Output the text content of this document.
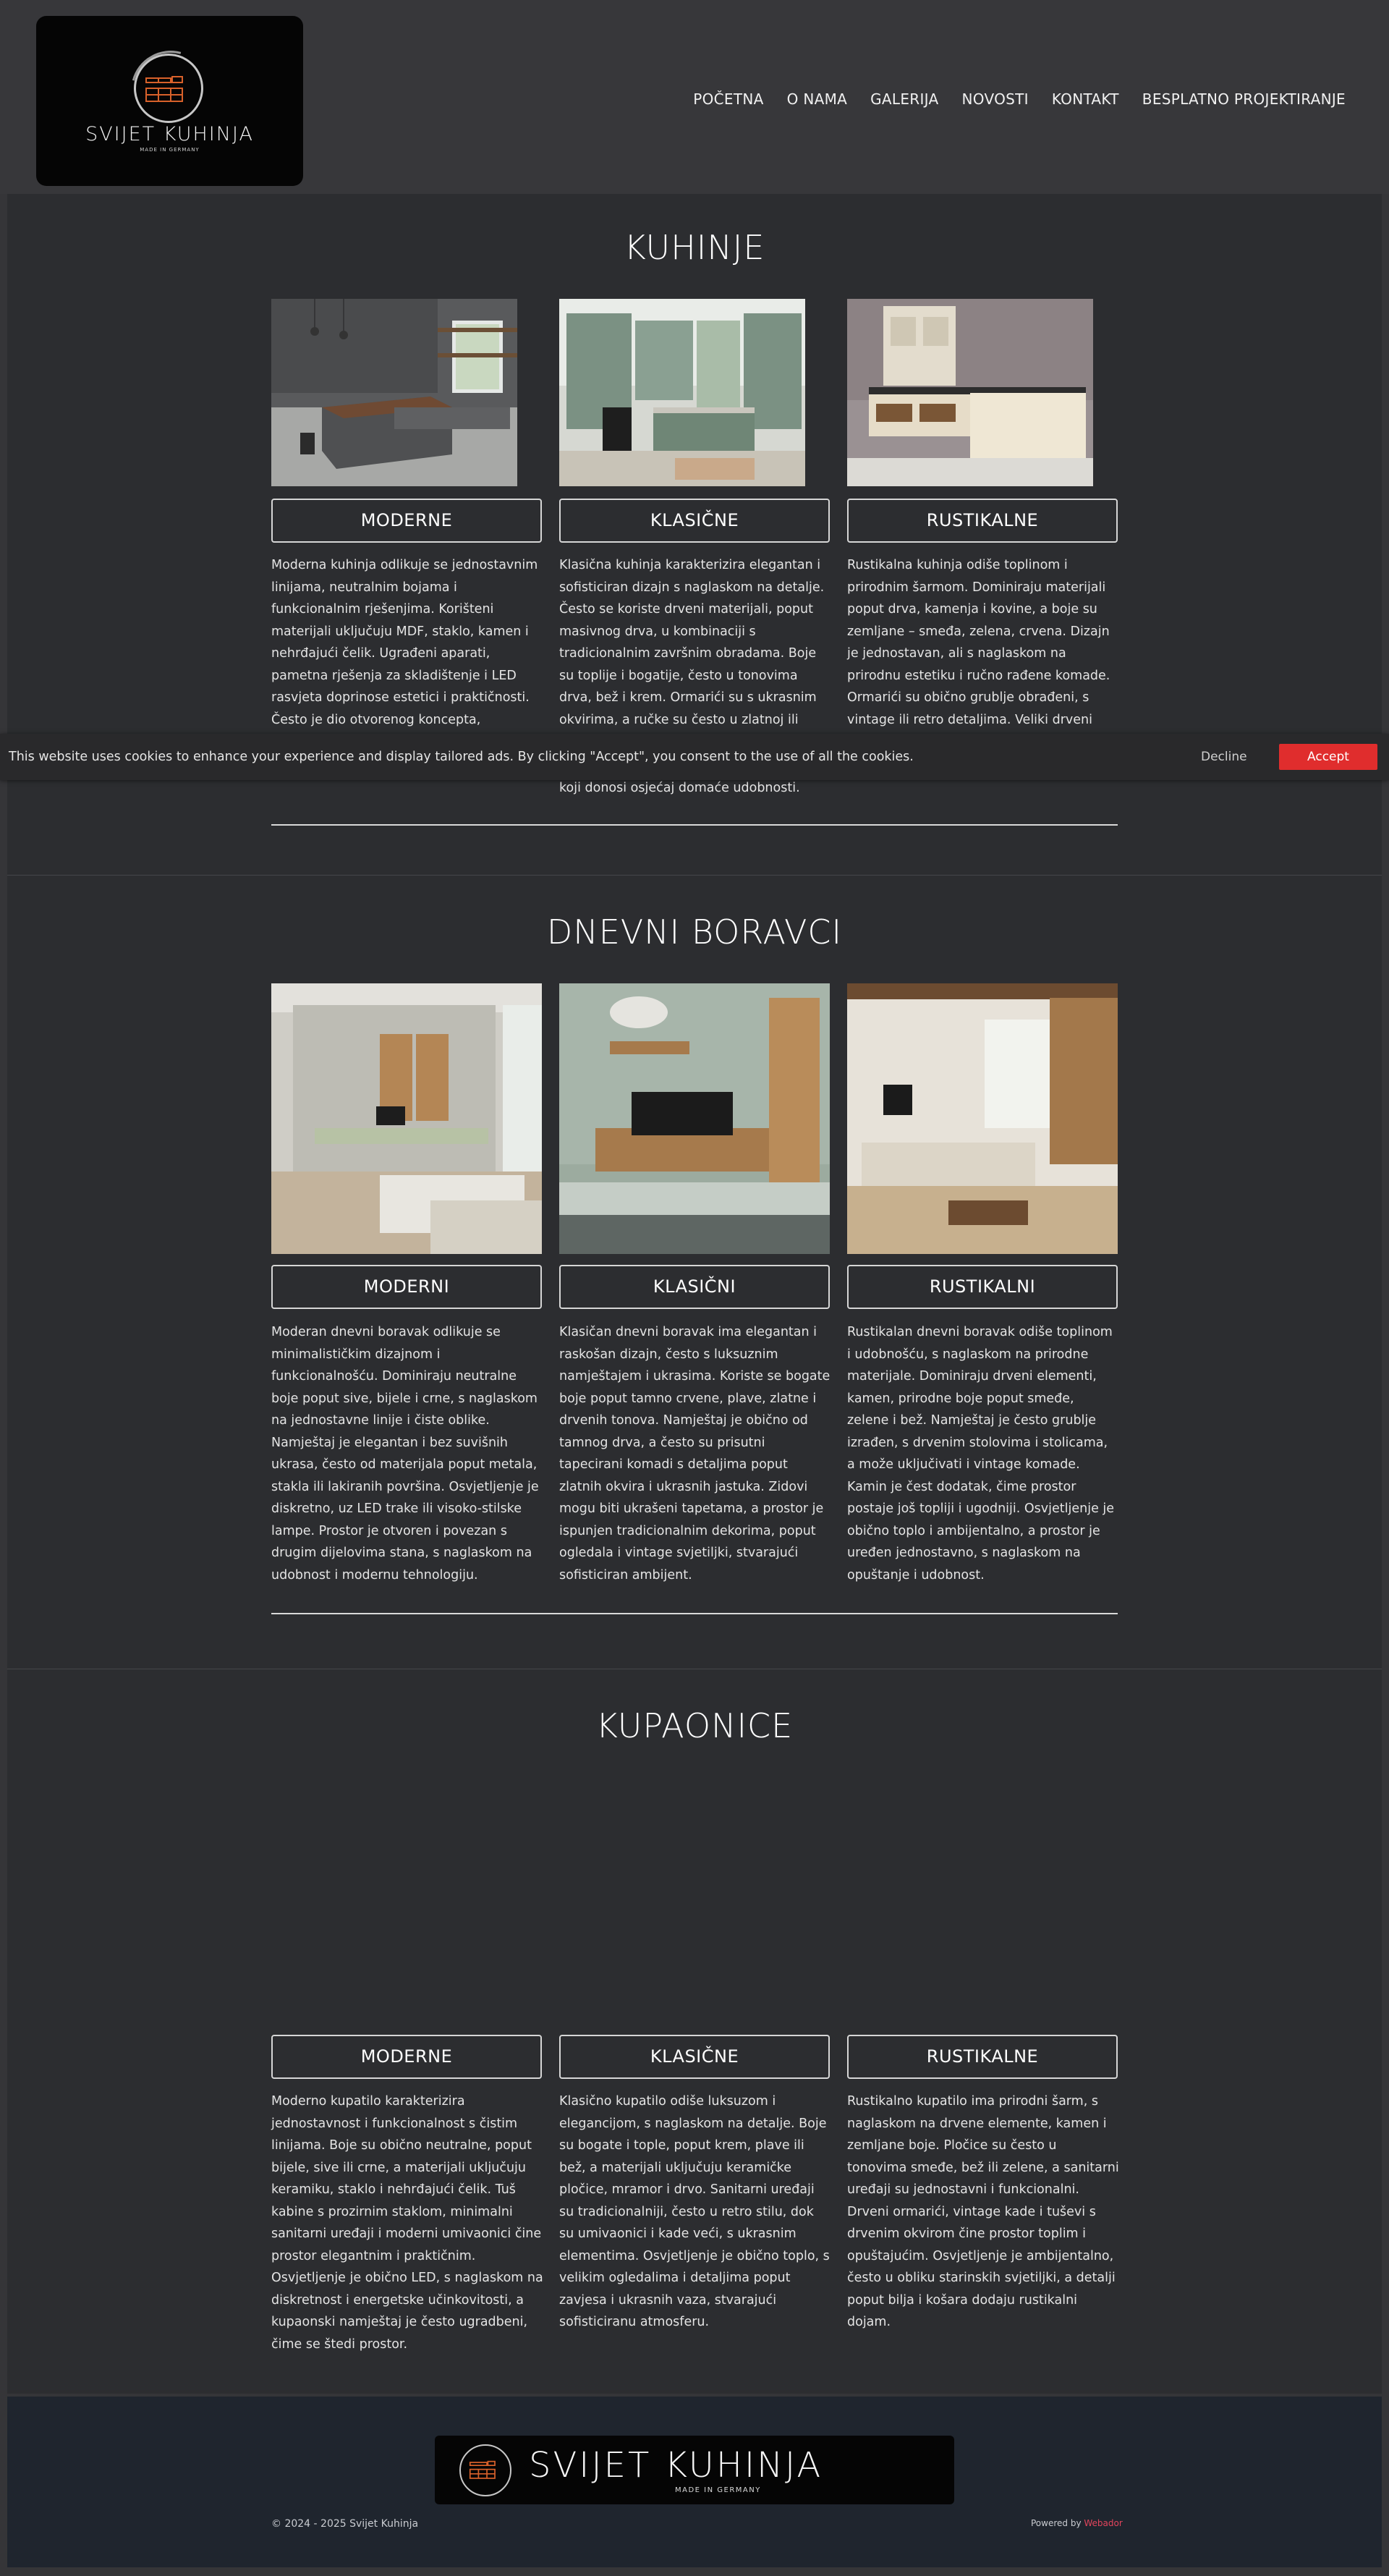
SVIJET KUHINJA
MADE IN GERMANY
POČETNA O NAMA GALERIJA NOVOSTI KONTAKT BESPLATNO PROJEKTIRANJE
KUHINJE
MODERNE	KLASIČNE	RUSTIKALNE
Moderna kuhinja odlikuje se jednostavnim linijama, neutralnim bojama i funkcionalnim rješenjima. Korišteni materijali uključuju MDF, staklo, kamen i nehrđajući čelik. Ugrađeni aparati, pametna rješenja za skladištenje i LED rasvjeta doprinose estetici i praktičnosti. Često je dio otvorenog koncepta,
Klasična kuhinja karakterizira elegantan i sofisticiran dizajn s naglaskom na detalje. Često se koriste drveni materijali, poput masivnog drva, u kombinaciji s tradicionalnim završnim obradama. Boje su toplije i bogatije, često u tonovima drva, bež i krem. Ormarići su s ukrasnim okvirima, a ručke su često u zlatnoj ili
Rustikalna kuhinja odiše toplinom i prirodnim šarmom. Dominiraju materijali poput drva, kamenja i kovine, a boje su zemljane – smeđa, zelena, crvena. Dizajn je jednostavan, ali s naglaskom na prirodnu estetiku i ručno rađene komade. Ormarići su obično grublje obrađeni, s vintage ili retro detaljima. Veliki drveni
koji donosi osjećaj domaće udobnosti.
DNEVNI BORAVCI
MODERNI	KLASIČNI	RUSTIKALNI
Moderan dnevni boravak odlikuje se minimalističkim dizajnom i funkcionalnošću. Dominiraju neutralne boje poput sive, bijele i crne, s naglaskom na jednostavne linije i čiste oblike. Namještaj je elegantan i bez suvišnih ukrasa, često od materijala poput metala, stakla ili lakiranih površina. Osvjetljenje je diskretno, uz LED trake ili visoko-stilske lampe. Prostor je otvoren i povezan s drugim dijelovima stana, s naglaskom na udobnost i modernu tehnologiju.
Klasičan dnevni boravak ima elegantan i raskošan dizajn, često s luksuznim namještajem i ukrasima. Koriste se bogate boje poput tamno crvene, plave, zlatne i drvenih tonova. Namještaj je obično od tamnog drva, a često su prisutni tapecirani komadi s detaljima poput zlatnih okvira i ukrasnih jastuka. Zidovi mogu biti ukrašeni tapetama, a prostor je ispunjen tradicionalnim dekorima, poput ogledala i vintage svjetiljki, stvarajući sofisticiran ambijent.
Rustikalan dnevni boravak odiše toplinom i udobnošću, s naglaskom na prirodne materijale. Dominiraju drveni elementi, kamen, prirodne boje poput smeđe, zelene i bež. Namještaj je često grublje izrađen, s drvenim stolovima i stolicama, a može uključivati i vintage komade. Kamin je čest dodatak, čime prostor postaje još topliji i ugodniji. Osvjetljenje je obično toplo i ambijentalno, a prostor je uređen jednostavno, s naglaskom na opuštanje i udobnost.
KUPAONICE
MODERNE	KLASIČNE	RUSTIKALNE
Moderno kupatilo karakterizira jednostavnost i funkcionalnost s čistim linijama. Boje su obično neutralne, poput bijele, sive ili crne, a materijali uključuju keramiku, staklo i nehrđajući čelik. Tuš kabine s prozirnim staklom, minimalni sanitarni uređaji i moderni umivaonici čine prostor elegantnim i praktičnim. Osvjetljenje je obično LED, s naglaskom na diskretnost i energetske učinkovitosti, a kupaonski namještaj je često ugradbeni, čime se štedi prostor.
Klasično kupatilo odiše luksuzom i elegancijom, s naglaskom na detalje. Boje su bogate i tople, poput krem, plave ili bež, a materijali uključuju keramičke pločice, mramor i drvo. Sanitarni uređaji su tradicionalniji, često u retro stilu, dok su umivaonici i kade veći, s ukrasnim elementima. Osvjetljenje je obično toplo, s velikim ogledalima i detaljima poput zavjesa i ukrasnih vaza, stvarajući sofisticiranu atmosferu.
Rustikalno kupatilo ima prirodni šarm, s naglaskom na drvene elemente, kamen i zemljane boje. Pločice su često u tonovima smeđe, bež ili zelene, a sanitarni uređaji su jednostavni i funkcionalni. Drveni ormarići, vintage kade i tuševi s drvenim okvirom čine prostor toplim i opuštajućim. Osvjetljenje je ambijentalno, često u obliku starinskih svjetiljki, a detalji poput bilja i košara dodaju rustikalni dojam.
This website uses cookies to enhance your experience and display tailored ads. By clicking "Accept", you consent to the use of all the cookies.	Decline	Accept
SVIJET KUHINJA
MADE IN GERMANY
© 2024 - 2025 Svijet Kuhinja	Powered by Webador
